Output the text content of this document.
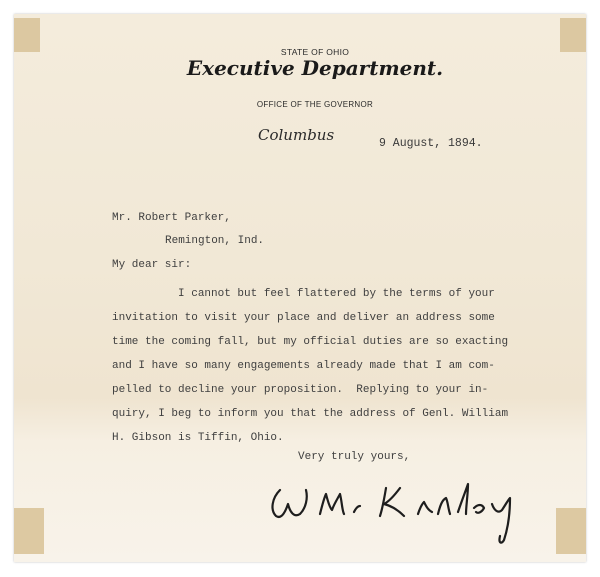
STATE OF OHIO
Executive Department.
OFFICE OF THE GOVERNOR
Columbus	9 August, 1894.
Mr. Robert Parker,
Remington, Ind.
My dear sir:
I cannot but feel flattered by the terms of your
invitation to visit your place and deliver an address some
time the coming fall, but my official duties are so exacting
and I have so many engagements already made that I am com-
pelled to decline your proposition.  Replying to your in-
quiry, I beg to inform you that the address of Genl. William
H. Gibson is Tiffin, Ohio.
Very truly yours,
